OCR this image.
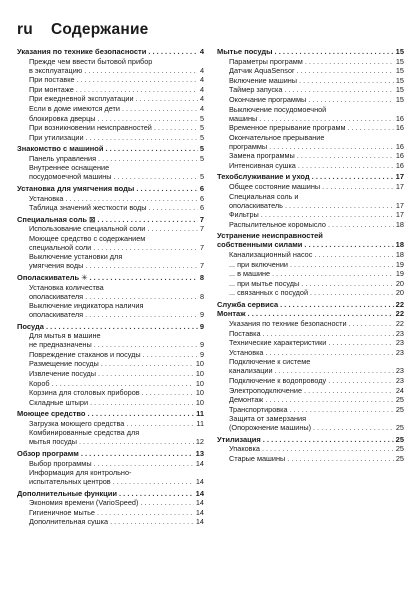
ru Содержание
Указания по технике безопасности . . .	4
Прежде чем ввести бытовой прибор
в эксплуатацию . . .	4
При поставке . . .	4
При монтаже . . .	4
При ежедневной эксплуатации . . .	4
Если в доме имеются дети . . .	4
блокировка дверцы . . .	5
При возникновении неисправностей . . .	5
При утилизации . . .	5
Знакомство с машиной . . .	5
Панель управления . . .	5
Внутреннее оснащение
посудомоечной машины . . .	5
Установка для умягчения воды . . .	6
Установка . . .	6
Таблица значений жесткости воды . . .	6
Специальная соль ⊠ . . .	7
Использование специальной соли . . .	7
Моющее средство с содержанием
специальной соли . . .	7
Выключение установки для
умягчения воды . . .	7
Ополаскиватель ✳ . . .	8
Установка количества
ополаскивателя . . .	8
Выключение индикатора наличия
ополаскивателя . . .	9
Посуда . . .	9
Для мытья в машине
не предназначены . . .	9
Повреждение стаканов и посуды . . .	9
Размещение посуды . . .	10
Извлечение посуды . . .	10
Короб . . .	10
Корзина для столовых приборов . . .	10
Складные штыри . . .	10
Моющее средство . . .	11
Загрузка моющего средства . . .	11
Комбинированные средства для
мытья посуды . . .	12
Обзор программ . . .	13
Выбор программы . . .	14
Информация для контрольно-
испытательных центров . . .	14
Дополнительные функции . . .	14
Экономия времени (VarioSpeed) . . .	14
Гигиеничное мытье . . .	14
Дополнительная сушка . . .	14
Мытье посуды . . .	15
Параметры программ . . .	15
Датчик AquaSensor . . .	15
Включение машины . . .	15
Таймер запуска . . .	15
Окончание программы . . .	15
Выключение посудомоечной
машины . . .	16
Временное прерывание программ . . .	16
Окончательное прерывание
программы . . .	16
Замена программы . . .	16
Интенсивная сушка . . .	16
Техобслуживание и уход . . .	17
Общее состояние машины . . .	17
Специальная соль и
ополаскиватель . . .	17
Фильтры . . .	17
Распылительное коромысло . . .	18
Устранение неисправностей
собственными силами . . .	18
Канализационный насос . . .	18
... при включении . . .	19
... в машине . . .	19
... при мытье посуды . . .	20
... связанных с посудой . . .	20
Служба сервиса . . .	22
Монтаж . . .	22
Указания по технике безопасности . . .	22
Поставка . . .	23
Технические характеристики . . .	23
Установка . . .	23
Подключение к системе
канализации . . .	23
Подключение к водопроводу . . .	23
Электроподключение . . .	24
Демонтаж . . .	25
Транспортировка . . .	25
Защита от замерзания
(Опорожнение машины) . . .	25
Утилизация . . .	25
Упаковка . . .	25
Старые машины . . .	25
